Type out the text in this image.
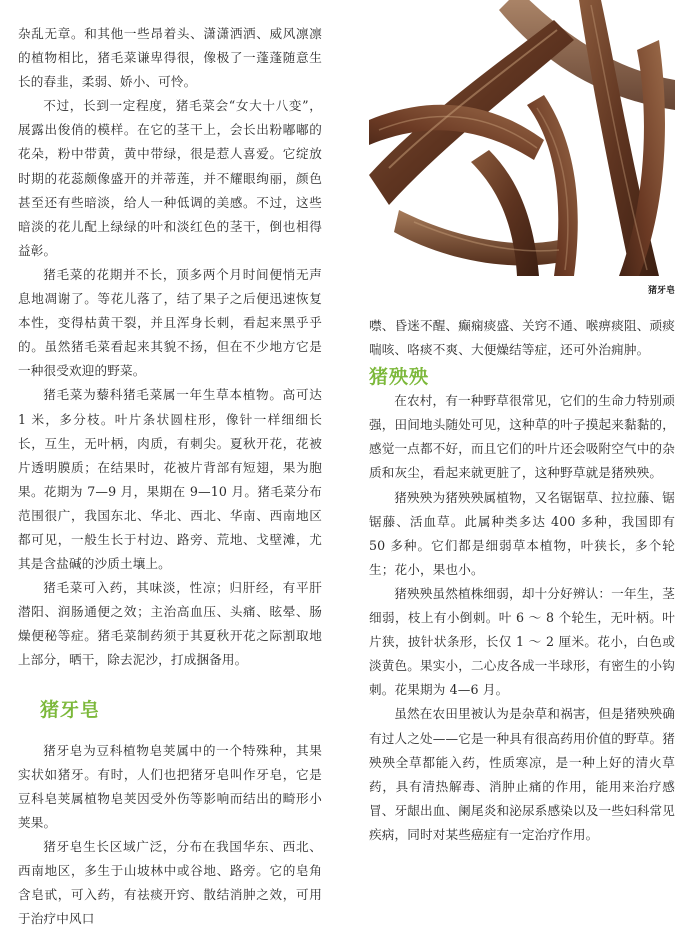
杂乱无章。和其他一些昂着头、潇潇洒洒、威风凛凛的植物相比，猪毛菜谦卑得很，像极了一蓬蓬随意生长的春韭，柔弱、娇小、可怜。

不过，长到一定程度，猪毛菜会“女大十八变”，展露出俊俏的模样。在它的茎干上，会长出粉嘟嘟的花朵，粉中带黄，黄中带绿，很是惹人喜爱。它绽放时期的花蕊颇像盛开的并蒂莲，并不耀眼绚丽，颜色甚至还有些暗淡，给人一种低调的美感。不过，这些暗淡的花儿配上绿绿的叶和淡红色的茎干，倒也相得益彰。

猪毛菜的花期并不长，顶多两个月时间便悄无声息地凋谢了。等花儿落了，结了果子之后便迅速恢复本性，变得枯黄干裂，并且浑身长刺，看起来黑乎乎的。虽然猪毛菜看起来其貌不扬，但在不少地方它是一种很受欢迎的野菜。

猪毛菜为藜科猪毛菜属一年生草本植物。高可达 1 米，多分枝。叶片条状圆柱形，像针一样细细长长，互生，无叶柄，肉质，有刺尖。夏秋开花，花被片透明膜质；在结果时，花被片背部有短翅，果为胞果。花期为 7—9 月，果期在 9—10 月。猪毛菜分布范围很广，我国东北、华北、西北、华南、西南地区都可见，一般生长于村边、路旁、荒地、戈壁滩，尤其是含盐碱的沙质土壤上。

猪毛菜可入药，其味淡，性凉；归肝经，有平肝潜阳、润肠通便之效；主治高血压、头痛、眩晕、肠燥便秘等症。猪毛菜制药须于其夏秋开花之际割取地上部分，晒干，除去泥沙，打成捆备用。

猪牙皂

猪牙皂为豆科植物皂荚属中的一个特殊种，其果实状如猪牙。有时，人们也把猪牙皂叫作牙皂，它是豆科皂荚属植物皂荚因受外伤等影响而结出的畸形小荚果。

猪牙皂生长区域广泛，分布在我国华东、西北、西南地区，多生于山坡林中或谷地、路旁。它的皂角含皂甙，可入药，有祛痰开窍、散结消肿之效，可用于治疗中风口

猪牙皂

噤、昏迷不醒、癫痫痰盛、关窍不通、喉痹痰阻、顽痰喘咳、咯痰不爽、大便燥结等症，还可外治痈肿。

猪殃殃

在农村，有一种野草很常见，它们的生命力特别顽强，田间地头随处可见，这种草的叶子摸起来黏黏的，感觉一点都不好，而且它们的叶片还会吸附空气中的杂质和灰尘，看起来就更脏了，这种野草就是猪殃殃。

猪殃殃为猪殃殃属植物，又名锯锯草、拉拉藤、锯锯藤、活血草。此属种类多达 400 多种，我国即有 50 多种。它们都是细弱草本植物，叶狭长，多个轮生；花小，果也小。

猪殃殃虽然植株细弱，却十分好辨认：一年生，茎细弱，枝上有小倒刺。叶 6 ～ 8 个轮生，无叶柄。叶片狭，披针状条形，长仅 1 ～ 2 厘米。花小，白色或淡黄色。果实小，二心皮各成一半球形，有密生的小钩刺。花果期为 4—6 月。

虽然在农田里被认为是杂草和祸害，但是猪殃殃确有过人之处——它是一种具有很高药用价值的野草。猪殃殃全草都能入药，性质寒凉，是一种上好的清火草药，具有清热解毒、消肿止痛的作用，能用来治疗感冒、牙龈出血、阑尾炎和泌尿系感染以及一些妇科常见疾病，同时对某些癌症有一定治疗作用。
